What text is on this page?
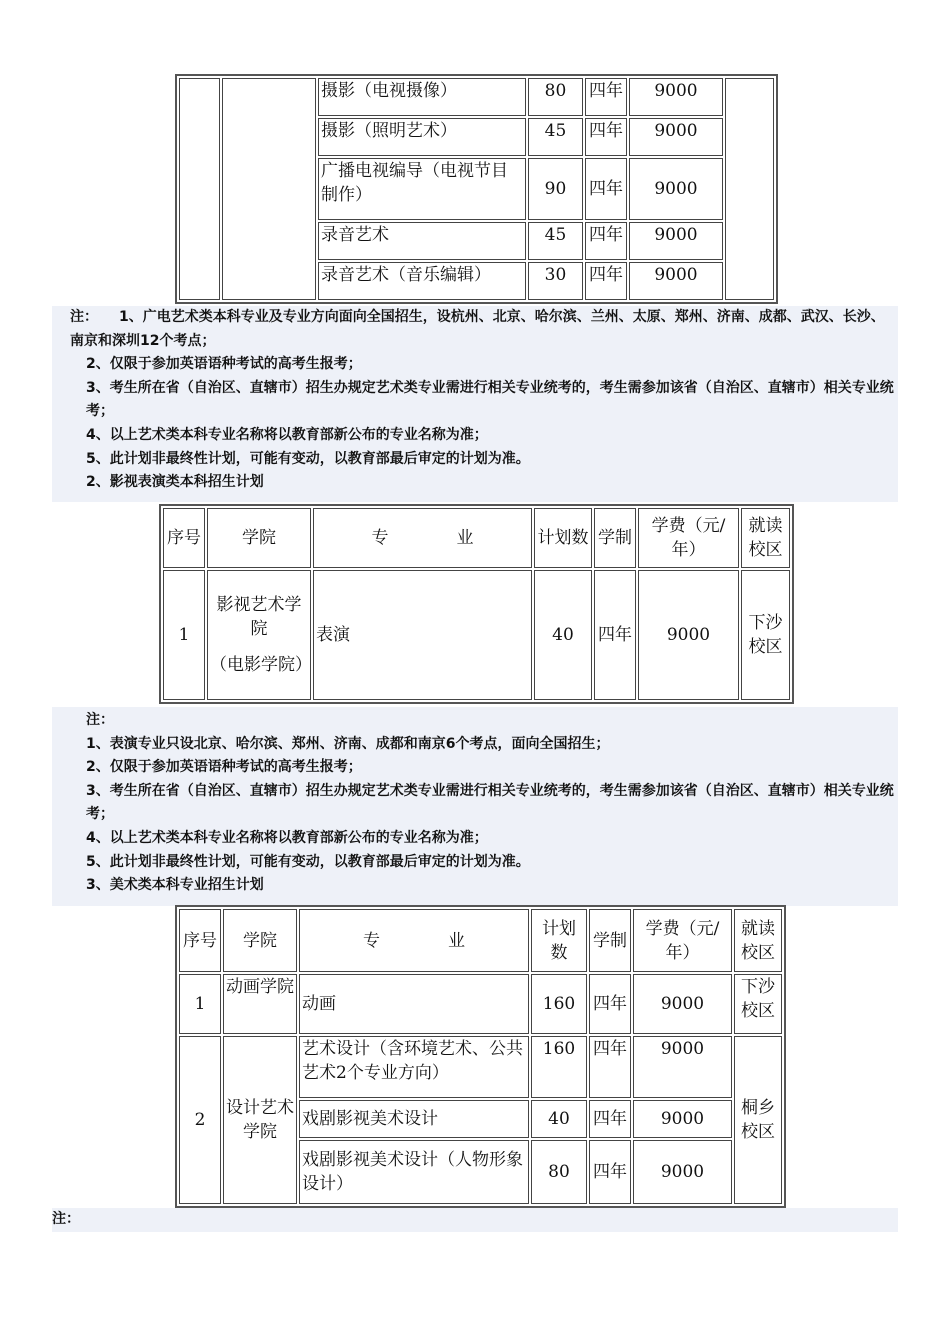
		摄影（电视摄像）	80	四年	9000	
		摄影（照明艺术）	45	四年	9000	
		广播电视编导（电视节目制作）	90	四年	9000	
		录音艺术	45	四年	9000	
		录音艺术（音乐编辑）	30	四年	9000	

注：　　1、广电艺术类本科专业及专业方向面向全国招生，设杭州、北京、哈尔滨、兰州、太原、郑州、济南、成都、武汉、长沙、南京和深圳12个考点；

2、仅限于参加英语语种考试的高考生报考；

3、考生所在省（自治区、直辖市）招生办规定艺术类专业需进行相关专业统考的，考生需参加该省（自治区、直辖市）相关专业统考；

4、以上艺术类本科专业名称将以教育部新公布的专业名称为准；

5、此计划非最终性计划，可能有变动，以教育部最后审定的计划为准。

2、影视表演类本科招生计划

序号	学院	专　　　　业	计划数	学制	学费（元/年）	就读校区
1	影视艺术学院
（电影学院）	表演	40	四年	9000	下沙校区

注：

1、表演专业只设北京、哈尔滨、郑州、济南、成都和南京6个考点，面向全国招生；

2、仅限于参加英语语种考试的高考生报考；

3、考生所在省（自治区、直辖市）招生办规定艺术类专业需进行相关专业统考的，考生需参加该省（自治区、直辖市）相关专业统考；

4、以上艺术类本科专业名称将以教育部新公布的专业名称为准；

5、此计划非最终性计划，可能有变动，以教育部最后审定的计划为准。

3、美术类本科专业招生计划

序号	学院	专　　　　业	计划数	学制	学费（元/年）	就读校区
1	动画学院	动画	160	四年	9000	下沙校区
2	设计艺术学院	艺术设计（含环境艺术、公共艺术2个专业方向）	160	四年	9000	桐乡校区
		戏剧影视美术设计	40	四年	9000	
		戏剧影视美术设计（人物形象设计）	80	四年	9000	

注：
